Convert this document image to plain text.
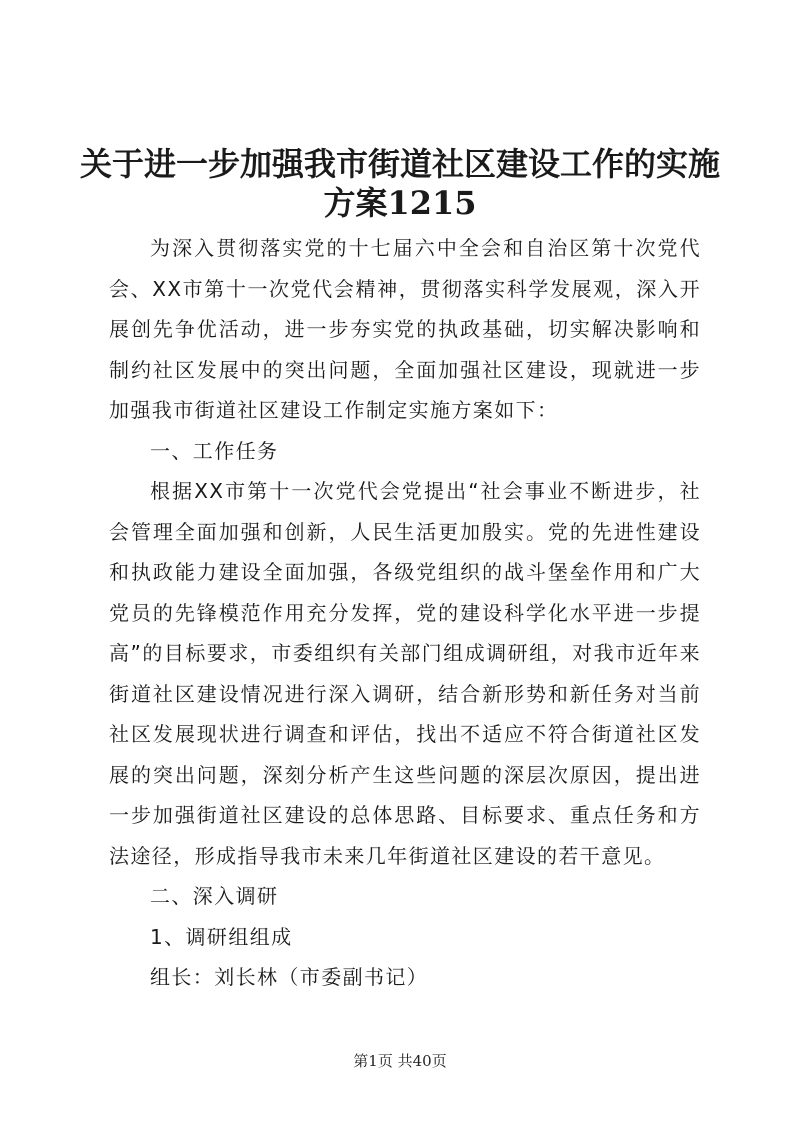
关于进一步加强我市街道社区建设工作的实施
方案1215

为深入贯彻落实党的十七届六中全会和自治区第十次党代会、XX市第十一次党代会精神，贯彻落实科学发展观，深入开展创先争优活动，进一步夯实党的执政基础，切实解决影响和制约社区发展中的突出问题，全面加强社区建设，现就进一步加强我市街道社区建设工作制定实施方案如下：

一、工作任务

根据XX市第十一次党代会党提出“社会事业不断进步，社会管理全面加强和创新，人民生活更加殷实。党的先进性建设和执政能力建设全面加强，各级党组织的战斗堡垒作用和广大党员的先锋模范作用充分发挥，党的建设科学化水平进一步提高”的目标要求，市委组织有关部门组成调研组，对我市近年来街道社区建设情况进行深入调研，结合新形势和新任务对当前社区发展现状进行调查和评估，找出不适应不符合街道社区发展的突出问题，深刻分析产生这些问题的深层次原因，提出进一步加强街道社区建设的总体思路、目标要求、重点任务和方法途径，形成指导我市未来几年街道社区建设的若干意见。

二、深入调研

1、调研组组成

组长：刘长林（市委副书记）

第1页 共40页
